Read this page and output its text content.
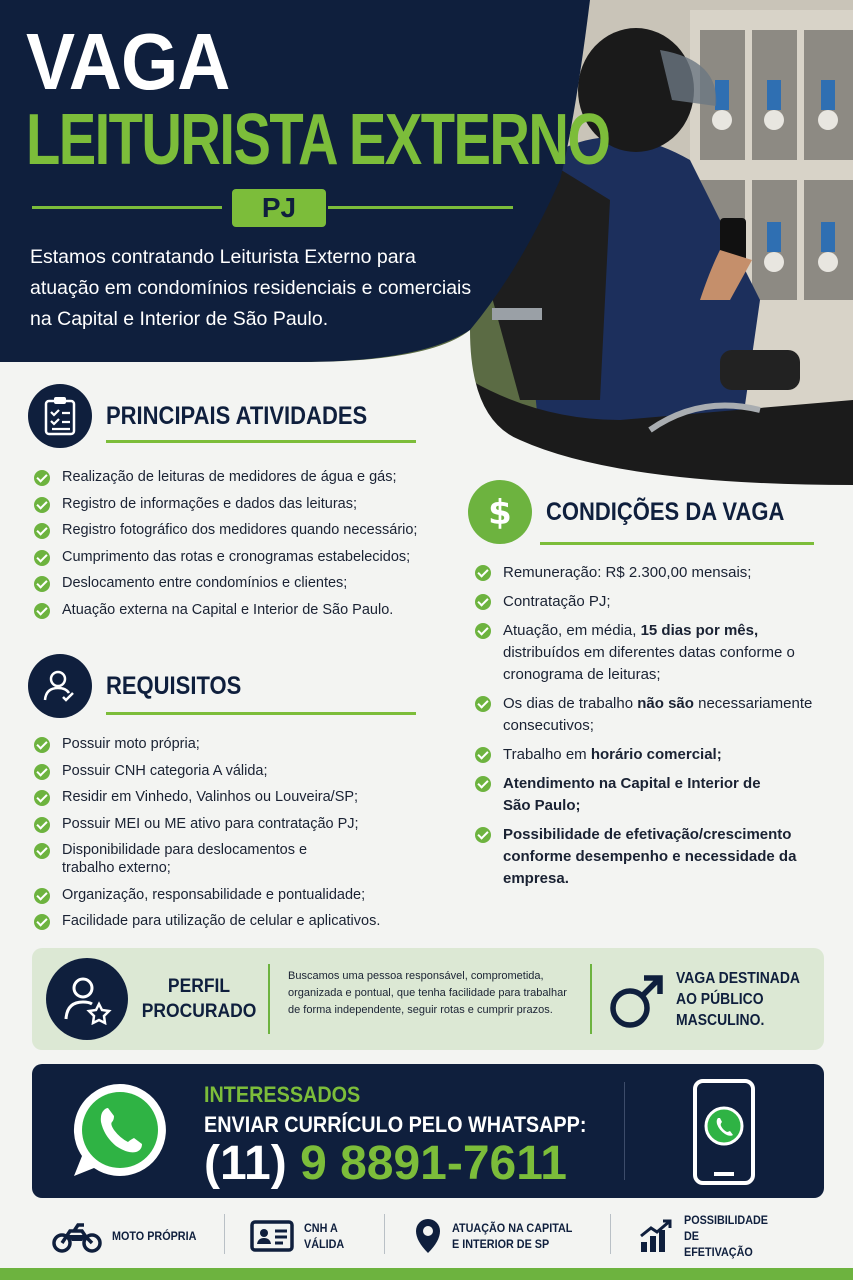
VAGA
LEITURISTA EXTERNO
PJ
Estamos contratando Leiturista Externo para atuação em condomínios residenciais e comerciais na Capital e Interior de São Paulo.
PRINCIPAIS ATIVIDADES
Realização de leituras de medidores de água e gás;
Registro de informações e dados das leituras;
Registro fotográfico dos medidores quando necessário;
Cumprimento das rotas e cronogramas estabelecidos;
Deslocamento entre condomínios e clientes;
Atuação externa na Capital e Interior de São Paulo.
REQUISITOS
Possuir moto própria;
Possuir CNH categoria A válida;
Residir em Vinhedo, Valinhos ou Louveira/SP;
Possuir MEI ou ME ativo para contratação PJ;
Disponibilidade para deslocamentos e trabalho externo;
Organização, responsabilidade e pontualidade;
Facilidade para utilização de celular e aplicativos.
$ CONDIÇÕES DA VAGA
Remuneração: R$ 2.300,00 mensais;
Contratação PJ;
Atuação, em média, 15 dias por mês, distribuídos em diferentes datas conforme o cronograma de leituras;
Os dias de trabalho não são necessariamente consecutivos;
Trabalho em horário comercial;
Atendimento na Capital e Interior de São Paulo;
Possibilidade de efetivação/crescimento conforme desempenho e necessidade da empresa.
PERFIL PROCURADO
Buscamos uma pessoa responsável, comprometida, organizada e pontual, que tenha facilidade para trabalhar de forma independente, seguir rotas e cumprir prazos.
VAGA DESTINADA AO PÚBLICO MASCULINO.
INTERESSADOS
ENVIAR CURRÍCULO PELO WHATSAPP:
(11) 9 8891-7611
MOTO PRÓPRIA
CNH A VÁLIDA
ATUAÇÃO NA CAPITAL E INTERIOR DE SP
POSSIBILIDADE DE EFETIVAÇÃO
